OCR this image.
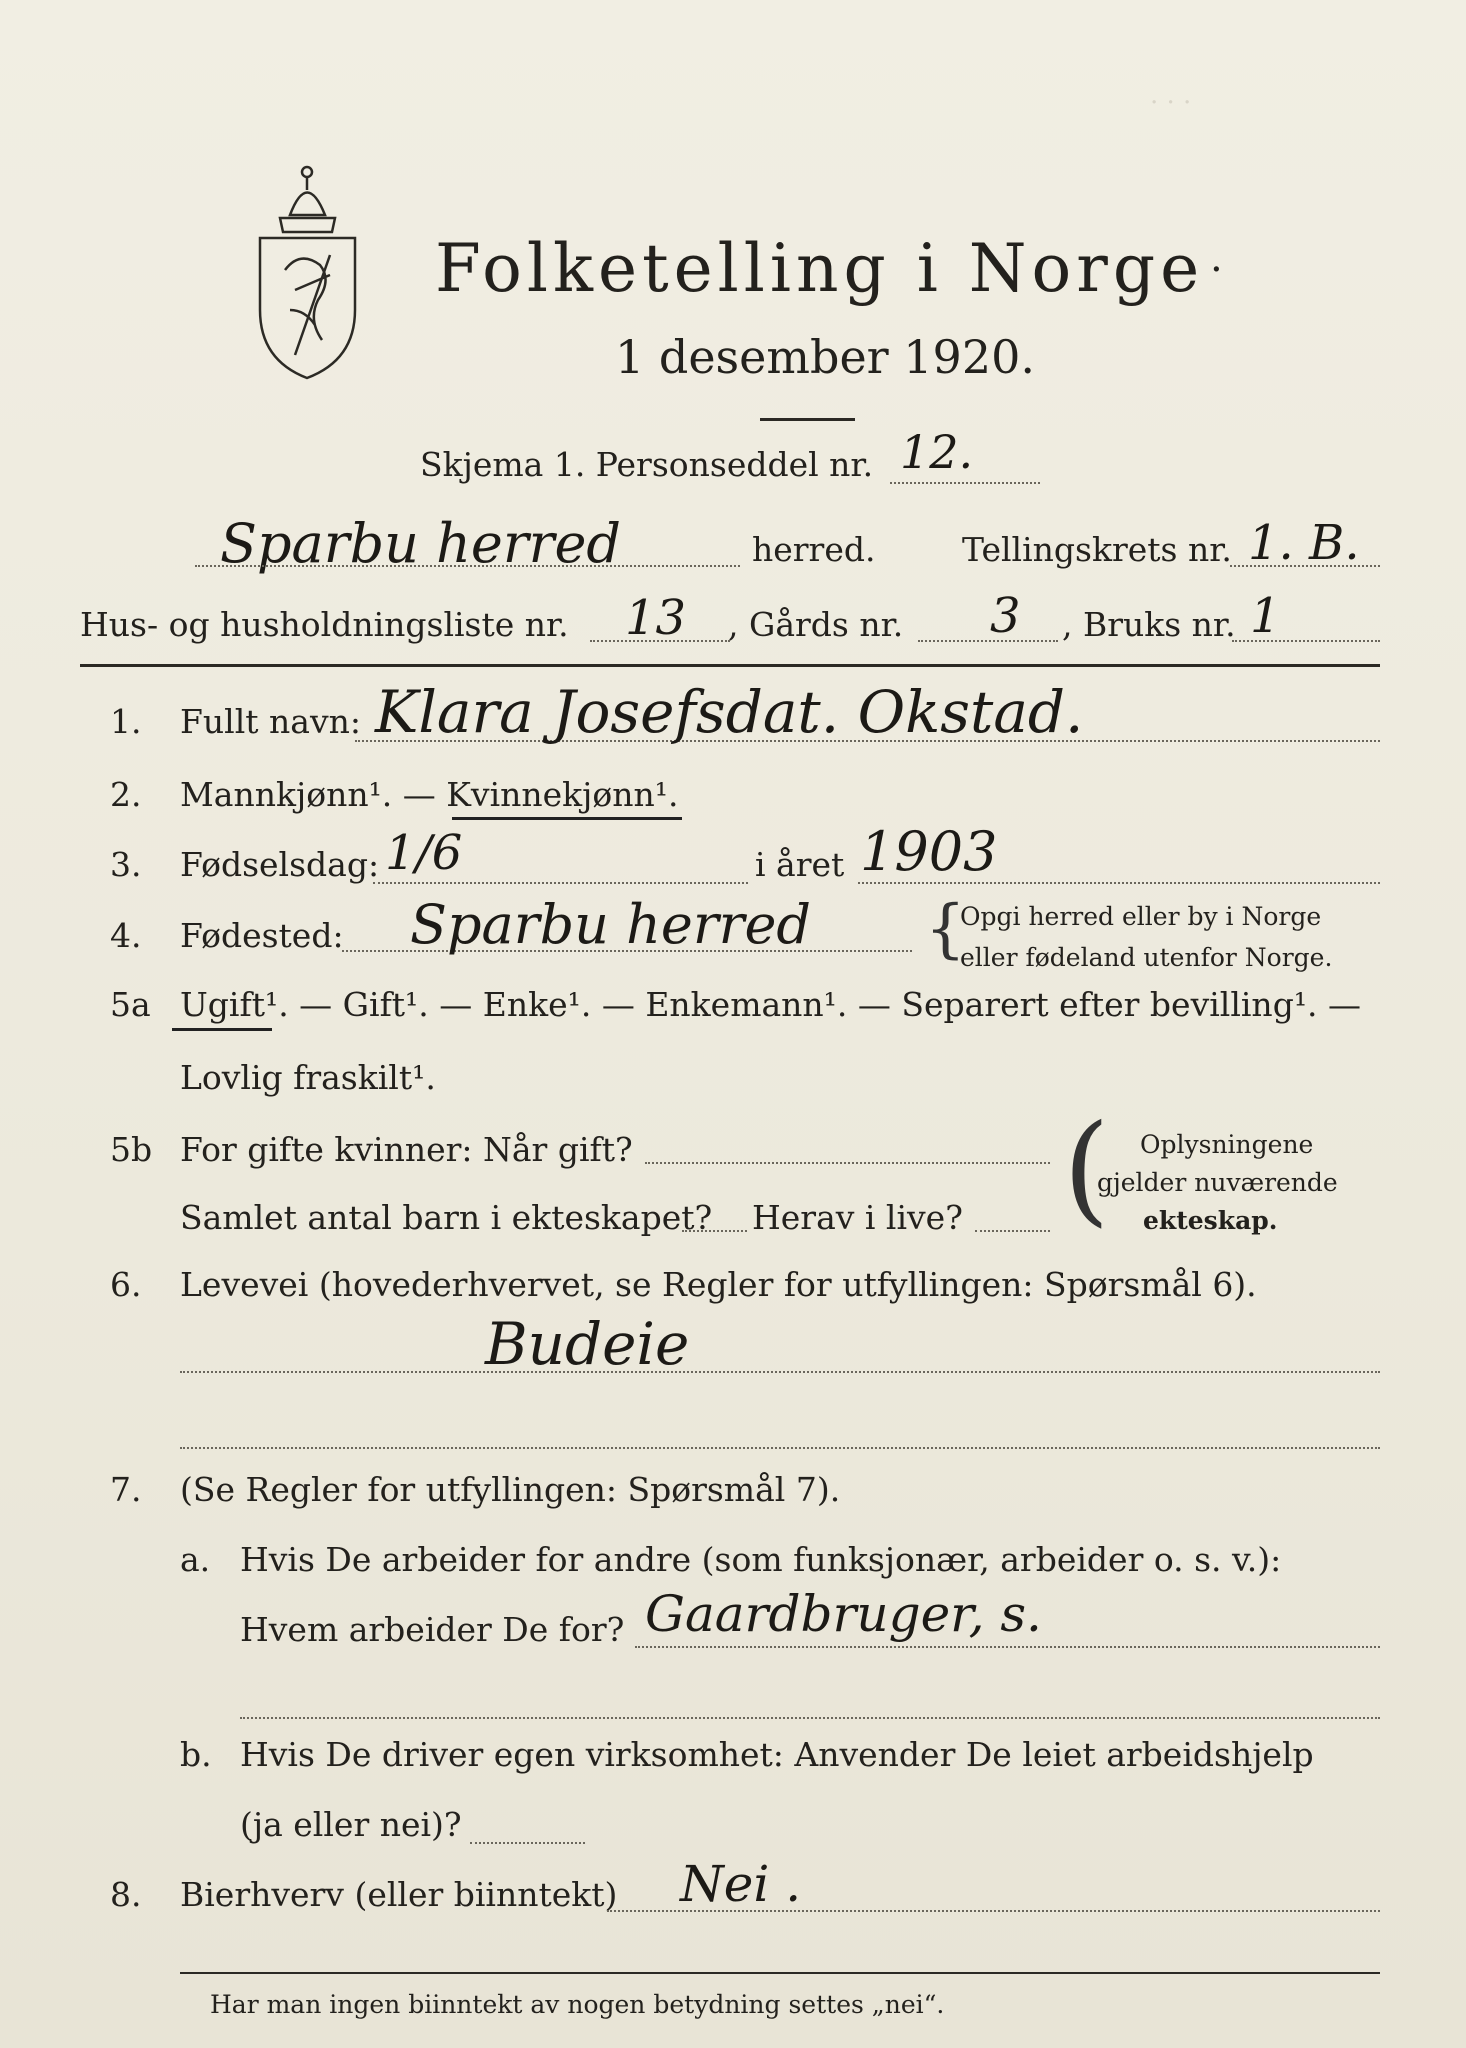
. . .
Folketelling i Norge .
1 desember 1920.
Skjema 1. Personseddel nr. 12.
Sparbu herred	herred.	Tellingskrets nr. 1. B.
Hus- og husholdningsliste nr. 13 , Gårds nr. 3 , Bruks nr. 1
1. Fullt navn: Klara Josefsdat. Okstad.
2. Mannkjønn¹. — Kvinnekjønn¹.
3. Fødselsdag: 1/6	i året 1903
4. Fødested: Sparbu herred {
Opgi herred eller by i Norge
eller fødeland utenfor Norge.
5a Ugift¹. — Gift¹. — Enke¹. — Enkemann¹. — Separert efter bevilling¹. —
Lovlig fraskilt¹.
5b For gifte kvinner: Når gift?
Samlet antal barn i ekteskapet? Herav i live? ( Oplysningene
gjelder nuværende
ekteskap.
6. Levevei (hovederhvervet, se Regler for utfyllingen: Spørsmål 6).
Budeie
7. (Se Regler for utfyllingen: Spørsmål 7).
a. Hvis De arbeider for andre (som funksjonær, arbeider o. s. v.):
Hvem arbeider De for? Gaardbruger, s.
b. Hvis De driver egen virksomhet: Anvender De leiet arbeidshjelp
(ja eller nei)?
8. Bierhverv (eller biinntekt) Nei .
Har man ingen biinntekt av nogen betydning settes „nei“.
